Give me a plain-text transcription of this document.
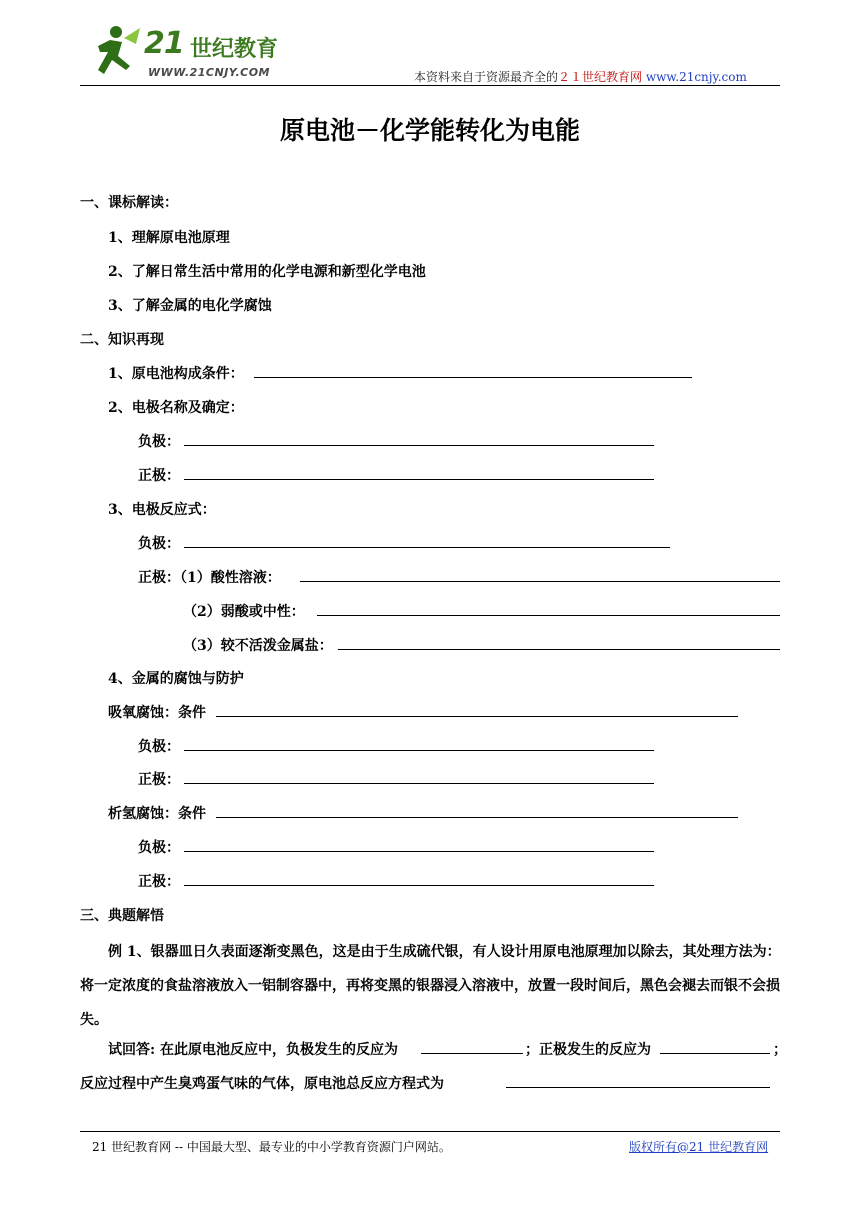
21 世纪教育
WWW.21CNJY.COM	本资料来自于资源最齐全的２１世纪教育网 www.21cnjy.com
原电池－化学能转化为电能
一、课标解读：
1、理解原电池原理
2、了解日常生活中常用的化学电源和新型化学电池
3、了解金属的电化学腐蚀
二、知识再现
1、原电池构成条件：
2、电极名称及确定：
负极：
正极：
3、电极反应式：
负极：
正极：（1）酸性溶液：
（2）弱酸或中性：
（3）较不活泼金属盐：
4、金属的腐蚀与防护
吸氧腐蚀：条件
负极：
正极：
析氢腐蚀：条件
负极：
正极：
三、典题解悟
例 1、银器皿日久表面逐渐变黑色，这是由于生成硫代银，有人设计用原电池原理加以除去，其处理方法为：将一定浓度的食盐溶液放入一铝制容器中，再将变黑的银器浸入溶液中，放置一段时间后，黑色会褪去而银不会损失。
试回答: 在此原电池反应中，负极发生的反应为	；正极发生的反应为	；
反应过程中产生臭鸡蛋气味的气体，原电池总反应方程式为
21 世纪教育网 -- 中国最大型、最专业的中小学教育资源门户网站。	版权所有@21 世纪教育网
